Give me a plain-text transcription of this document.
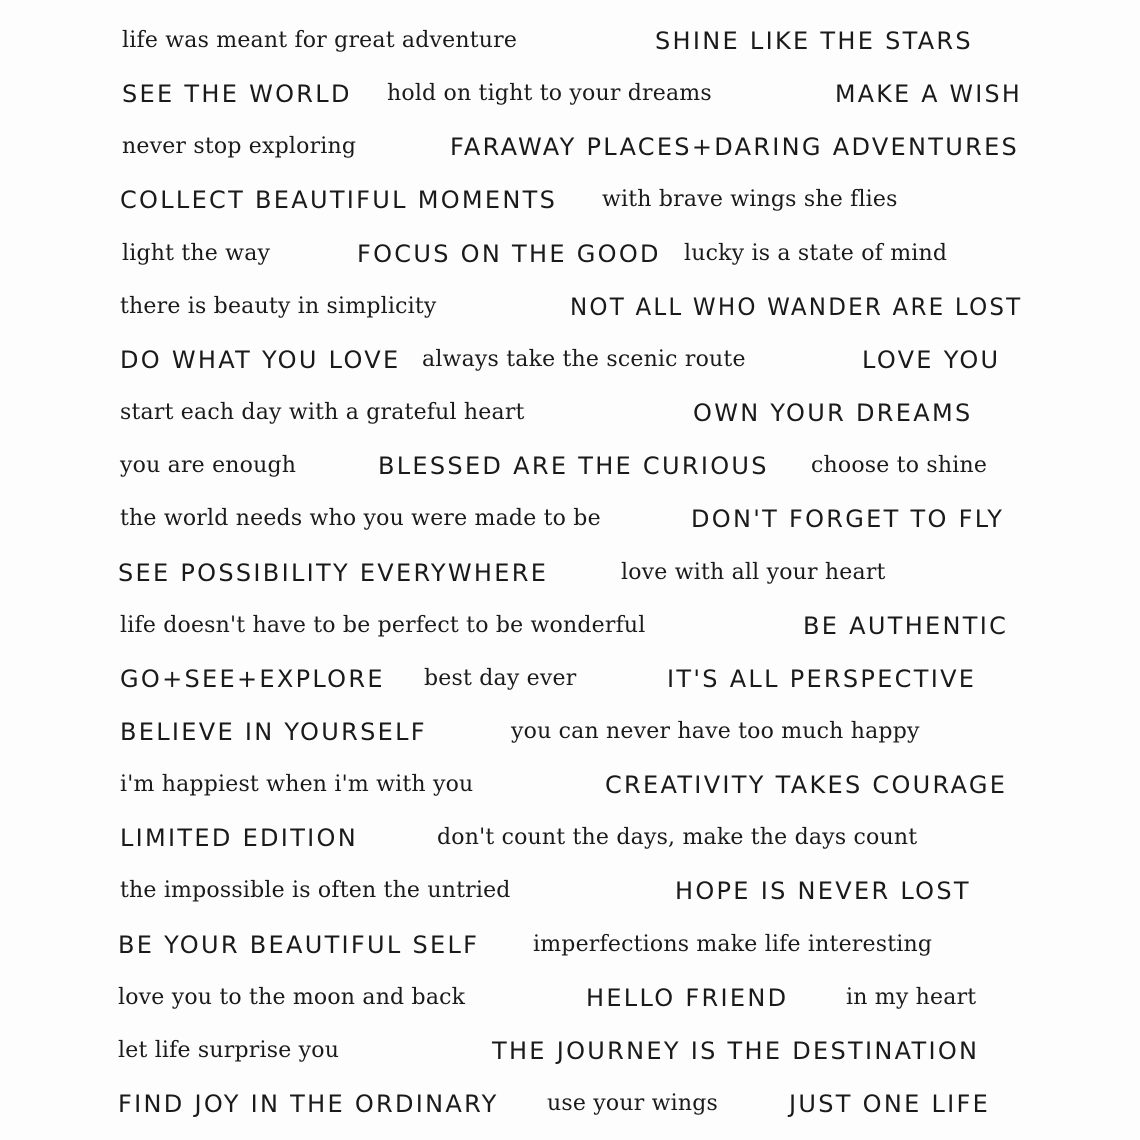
life was meant for great adventure	SHINE LIKE THE STARS
SEE THE WORLD hold on tight to your dreams	MAKE A WISH
never stop exploring	FARAWAY PLACES+DARING ADVENTURES
COLLECT BEAUTIFUL MOMENTS with brave wings she flies
light the way	FOCUS ON THE GOOD lucky is a state of mind
there is beauty in simplicity	NOT ALL WHO WANDER ARE LOST
DO WHAT YOU LOVE always take the scenic route	LOVE YOU
start each day with a grateful heart	OWN YOUR DREAMS
you are enough	BLESSED ARE THE CURIOUS choose to shine
the world needs who you were made to be	DON'T FORGET TO FLY
SEE POSSIBILITY EVERYWHERE	love with all your heart
life doesn't have to be perfect to be wonderful	BE AUTHENTIC
GO+SEE+EXPLORE best day ever	IT'S ALL PERSPECTIVE
BELIEVE IN YOURSELF	you can never have too much happy
i'm happiest when i'm with you	CREATIVITY TAKES COURAGE
LIMITED EDITION	don't count the days, make the days count
the impossible is often the untried	HOPE IS NEVER LOST
BE YOUR BEAUTIFUL SELF imperfections make life interesting
love you to the moon and back	HELLO FRIEND	in my heart
let life surprise you	THE JOURNEY IS THE DESTINATION
FIND JOY IN THE ORDINARY use your wings	JUST ONE LIFE
